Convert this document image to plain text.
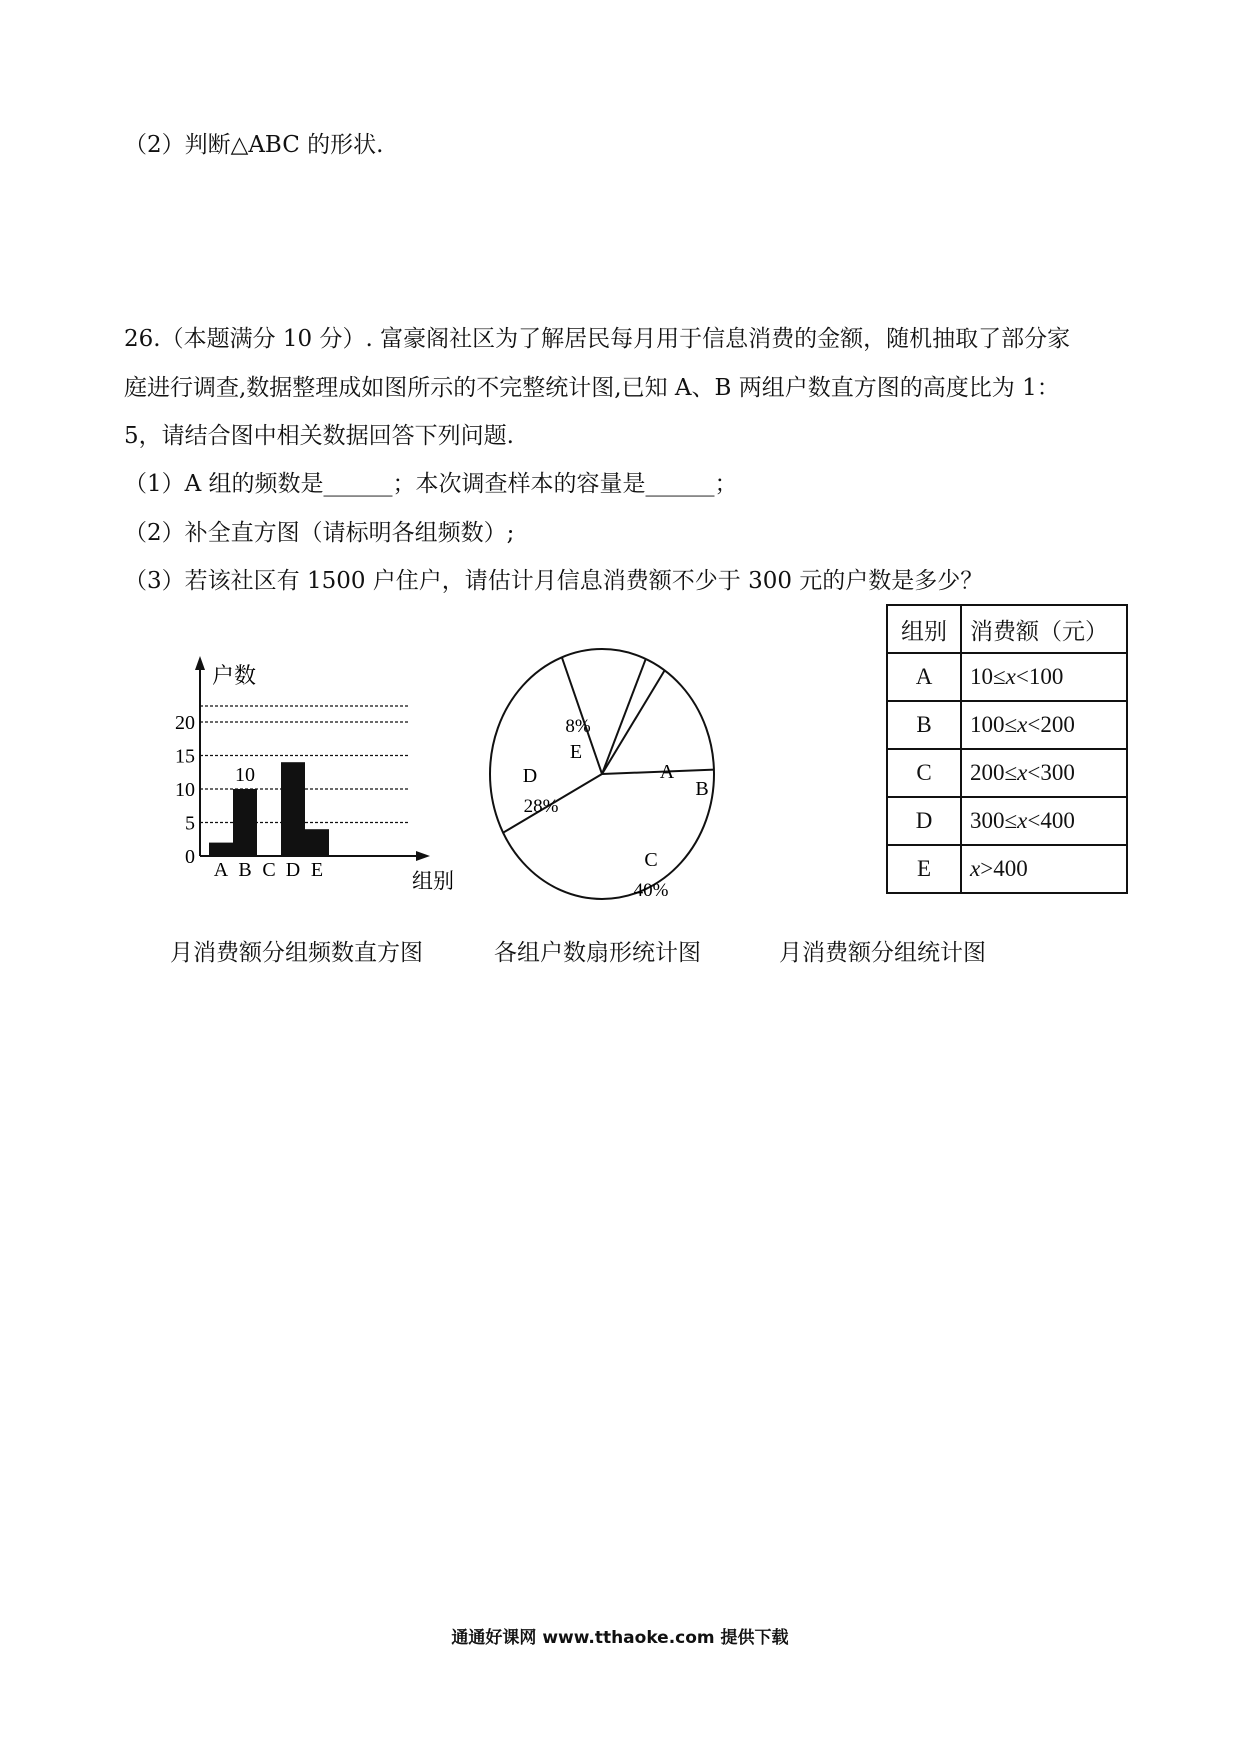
（2）判断△ABC 的形状.
26.（本题满分 10 分）. 富豪阁社区为了解居民每月用于信息消费的金额，随机抽取了部分家
庭进行调查,数据整理成如图所示的不完整统计图,已知 A、B 两组户数直方图的高度比为 1：
5，请结合图中相关数据回答下列问题.
（1）A 组的频数是______；本次调查样本的容量是______；
（2）补全直方图（请标明各组频数）;
（3）若该社区有 1500 户住户，请估计月信息消费额不少于 300 元的户数是多少？
户数
组别
0
5
10
15
20
A B
10
C D E
A
B
C
40%
D
28%
E
8%
组别	消费额（元）
A	10≤x<100
B	100≤x<200
C	200≤x<300
D	300≤x<400
E	x>400
月消费额分组频数直方图	各组户数扇形统计图	月消费额分组统计图
通通好课网 www.tthaoke.com 提供下载
